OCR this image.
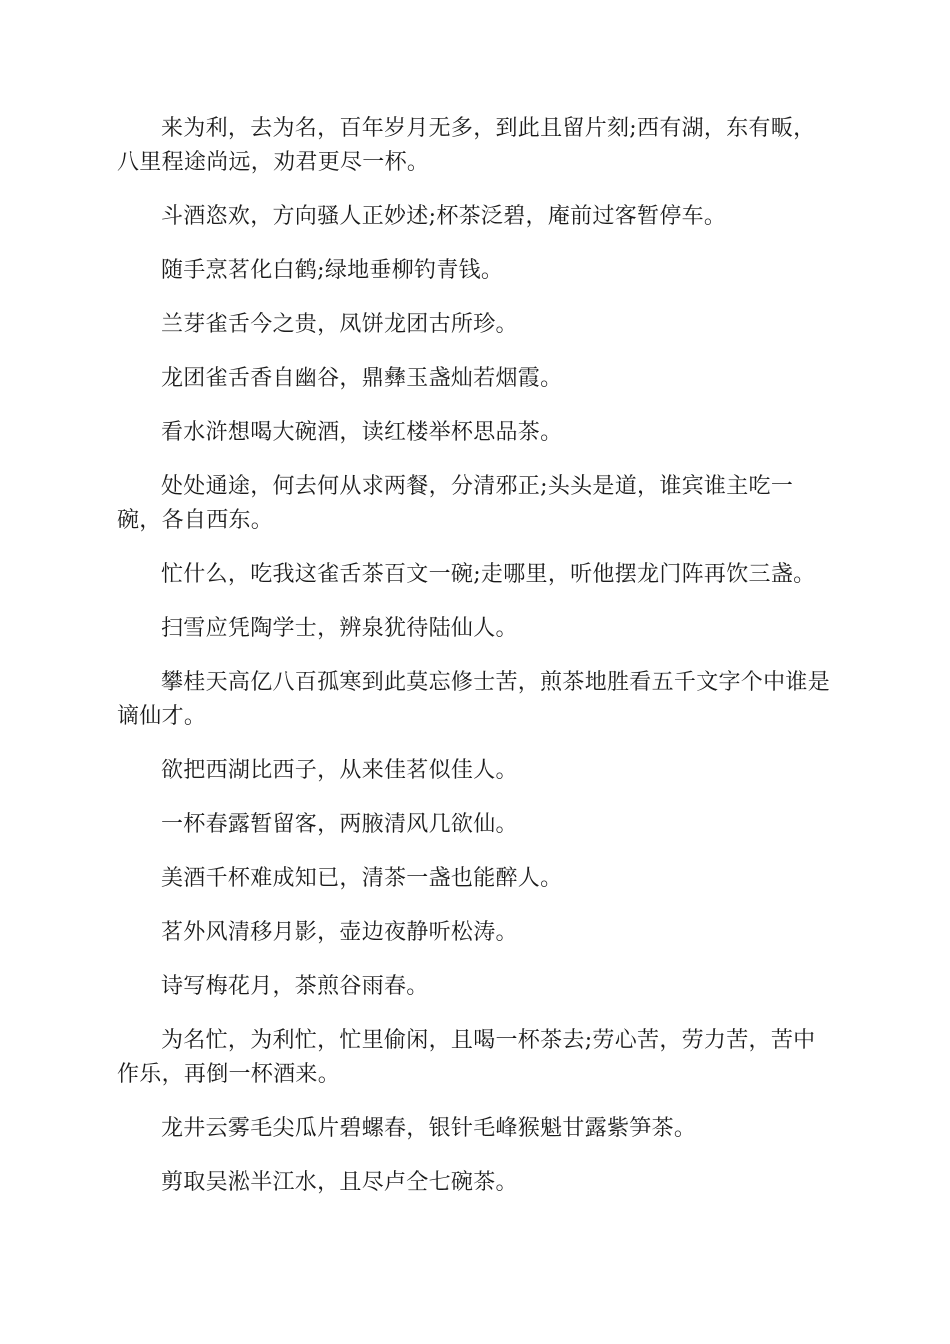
来为利，去为名，百年岁月无多，到此且留片刻;西有湖，东有畈，八里程途尚远，劝君更尽一杯。

斗酒恣欢，方向骚人正妙述;杯茶泛碧，庵前过客暂停车。

随手烹茗化白鹤;绿地垂柳钓青钱。

兰芽雀舌今之贵，凤饼龙团古所珍。

龙团雀舌香自幽谷，鼎彝玉盏灿若烟霞。

看水浒想喝大碗酒，读红楼举杯思品茶。

处处通途，何去何从求两餐，分清邪正;头头是道，谁宾谁主吃一碗，各自西东。

忙什么，吃我这雀舌茶百文一碗;走哪里，听他摆龙门阵再饮三盏。

扫雪应凭陶学士，辨泉犹待陆仙人。

攀桂天高亿八百孤寒到此莫忘修士苦，煎茶地胜看五千文字个中谁是谪仙才。

欲把西湖比西子，从来佳茗似佳人。

一杯春露暂留客，两腋清风几欲仙。

美酒千杯难成知已，清茶一盏也能醉人。

茗外风清移月影，壶边夜静听松涛。

诗写梅花月，茶煎谷雨春。

为名忙，为利忙，忙里偷闲，且喝一杯茶去;劳心苦，劳力苦，苦中作乐，再倒一杯酒来。

龙井云雾毛尖瓜片碧螺春，银针毛峰猴魁甘露紫笋茶。

剪取吴淞半江水，且尽卢仝七碗茶。
